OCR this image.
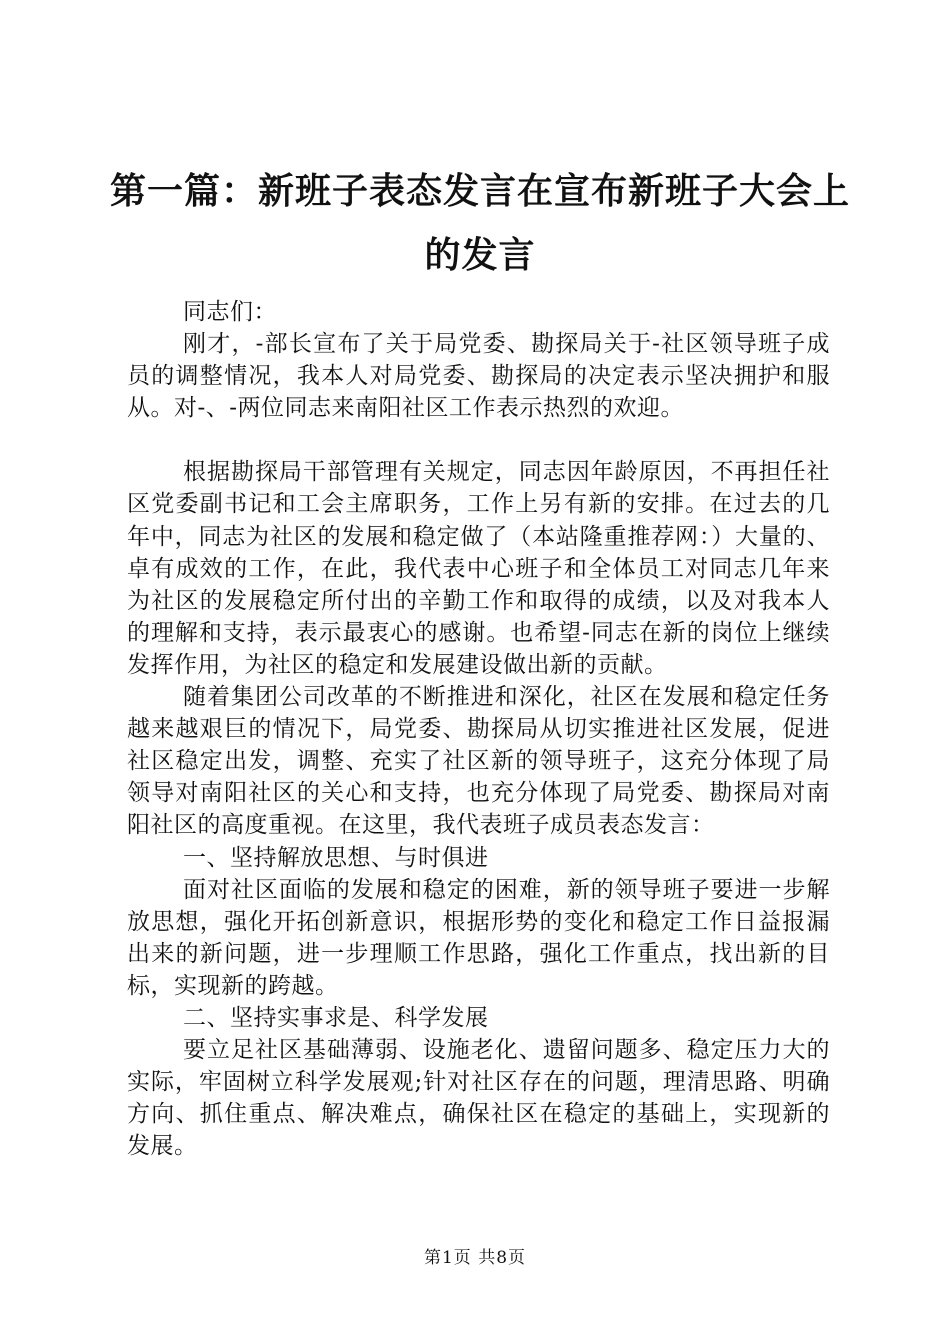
第一篇：新班子表态发言在宣布新班子大会上
的发言

同志们：

刚才，-部长宣布了关于局党委、勘探局关于-社区领导班子成员的调整情况，我本人对局党委、勘探局的决定表示坚决拥护和服从。对-、-两位同志来南阳社区工作表示热烈的欢迎。

根据勘探局干部管理有关规定，同志因年龄原因，不再担任社区党委副书记和工会主席职务，工作上另有新的安排。在过去的几年中，同志为社区的发展和稳定做了（本站隆重推荐网：）大量的、卓有成效的工作，在此，我代表中心班子和全体员工对同志几年来为社区的发展稳定所付出的辛勤工作和取得的成绩，以及对我本人的理解和支持，表示最衷心的感谢。也希望-同志在新的岗位上继续发挥作用，为社区的稳定和发展建设做出新的贡献。

随着集团公司改革的不断推进和深化，社区在发展和稳定任务越来越艰巨的情况下，局党委、勘探局从切实推进社区发展，促进社区稳定出发，调整、充实了社区新的领导班子，这充分体现了局领导对南阳社区的关心和支持，也充分体现了局党委、勘探局对南阳社区的高度重视。在这里，我代表班子成员表态发言：

一、坚持解放思想、与时俱进

面对社区面临的发展和稳定的困难，新的领导班子要进一步解放思想，强化开拓创新意识，根据形势的变化和稳定工作日益报漏出来的新问题，进一步理顺工作思路，强化工作重点，找出新的目标，实现新的跨越。

二、坚持实事求是、科学发展

要立足社区基础薄弱、设施老化、遗留问题多、稳定压力大的实际，牢固树立科学发展观;针对社区存在的问题，理清思路、明确方向、抓住重点、解决难点，确保社区在稳定的基础上，实现新的发展。

第1页 共8页
